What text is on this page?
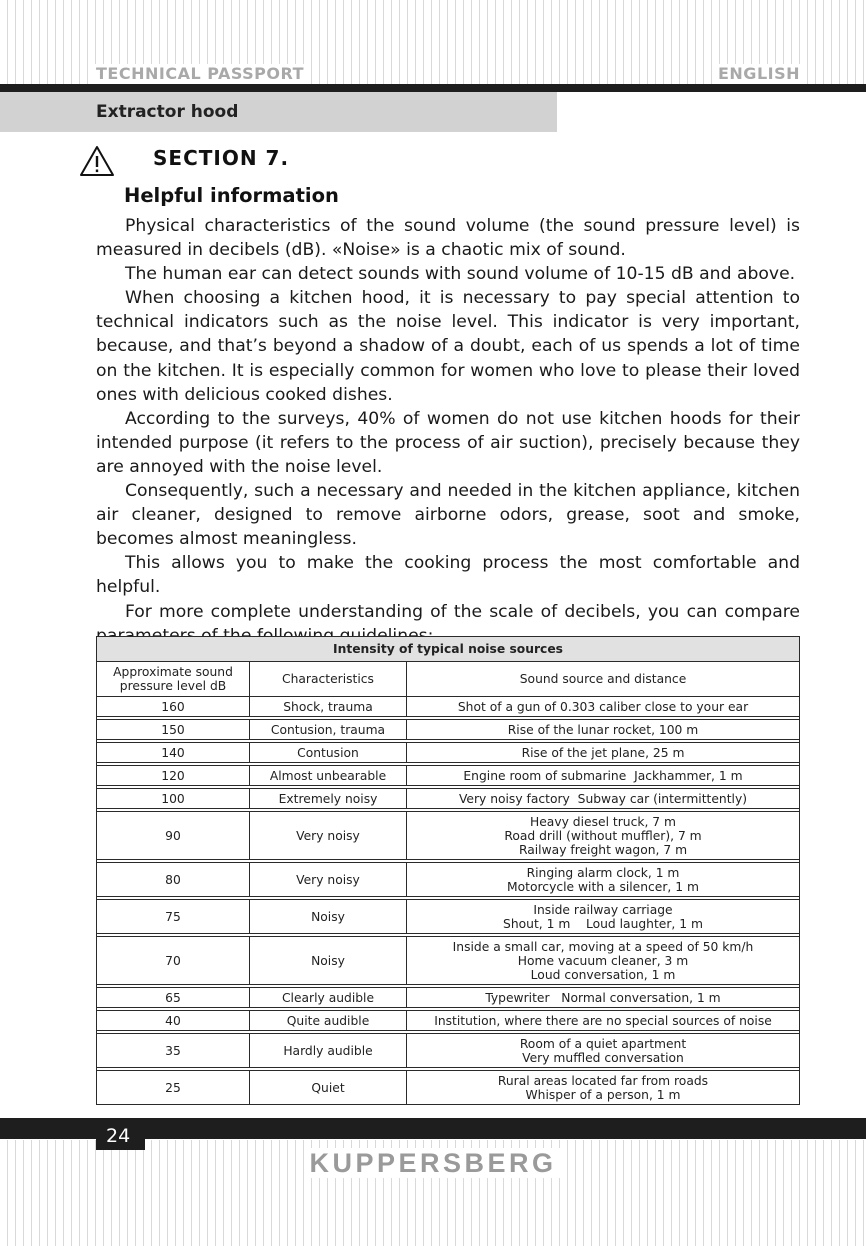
TECHNICAL PASSPORT	ENGLISH
Extractor hood
SECTION 7.
Helpful information

Physical characteristics of the sound volume (the sound pressure level) is measured in decibels (dB). «Noise» is a chaotic mix of sound.

The human ear can detect sounds with sound volume of 10-15 dB and above.

When choosing a kitchen hood, it is necessary to pay special attention to technical indicators such as the noise level. This indicator is very important, because, and that’s beyond a shadow of a doubt, each of us spends a lot of time on the kitchen. It is especially common for women who love to please their loved ones with delicious cooked dishes.

According to the surveys, 40% of women do not use kitchen hoods for their intended purpose (it refers to the process of air suction), precisely because they are annoyed with the noise level.

Consequently, such a necessary and needed in the kitchen appliance, kitchen air cleaner, designed to remove airborne odors, grease, soot and smoke, becomes almost meaningless.

This allows you to make the cooking process the most comfortable and helpful.

For more complete understanding of the scale of decibels, you can compare

Intensity of typical noise sources		
Approximate sound
pressure level dB	Characteristics	Sound source and distance
160	Shock, trauma	Shot of a gun of 0.303 caliber close to your ear

150	Contusion, trauma	Rise of the lunar rocket, 100 m

140	Contusion	Rise of the jet plane, 25 m

120	Almost unbearable	Engine room of submarine  Jackhammer, 1 m

100	Extremely noisy	Very noisy factory  Subway car (intermittently)

90	Very noisy	Heavy diesel truck, 7 m
Road drill (without muffler), 7 m
Railway freight wagon, 7 m

80	Very noisy	Ringing alarm clock, 1 m
Motorcycle with a silencer, 1 m

75	Noisy	Inside railway carriage
Shout, 1 m    Loud laughter, 1 m

70	Noisy	Inside a small car, moving at a speed of 50 km/h
Home vacuum cleaner, 3 m
Loud conversation, 1 m

65	Clearly audible	Typewriter   Normal conversation, 1 m

40	Quite audible	Institution, where there are no special sources of noise

35	Hardly audible	Room of a quiet apartment
Very muffled conversation

25	Quiet	Rural areas located far from roads
Whisper of a person, 1 m
24
KUPPERSBERG
